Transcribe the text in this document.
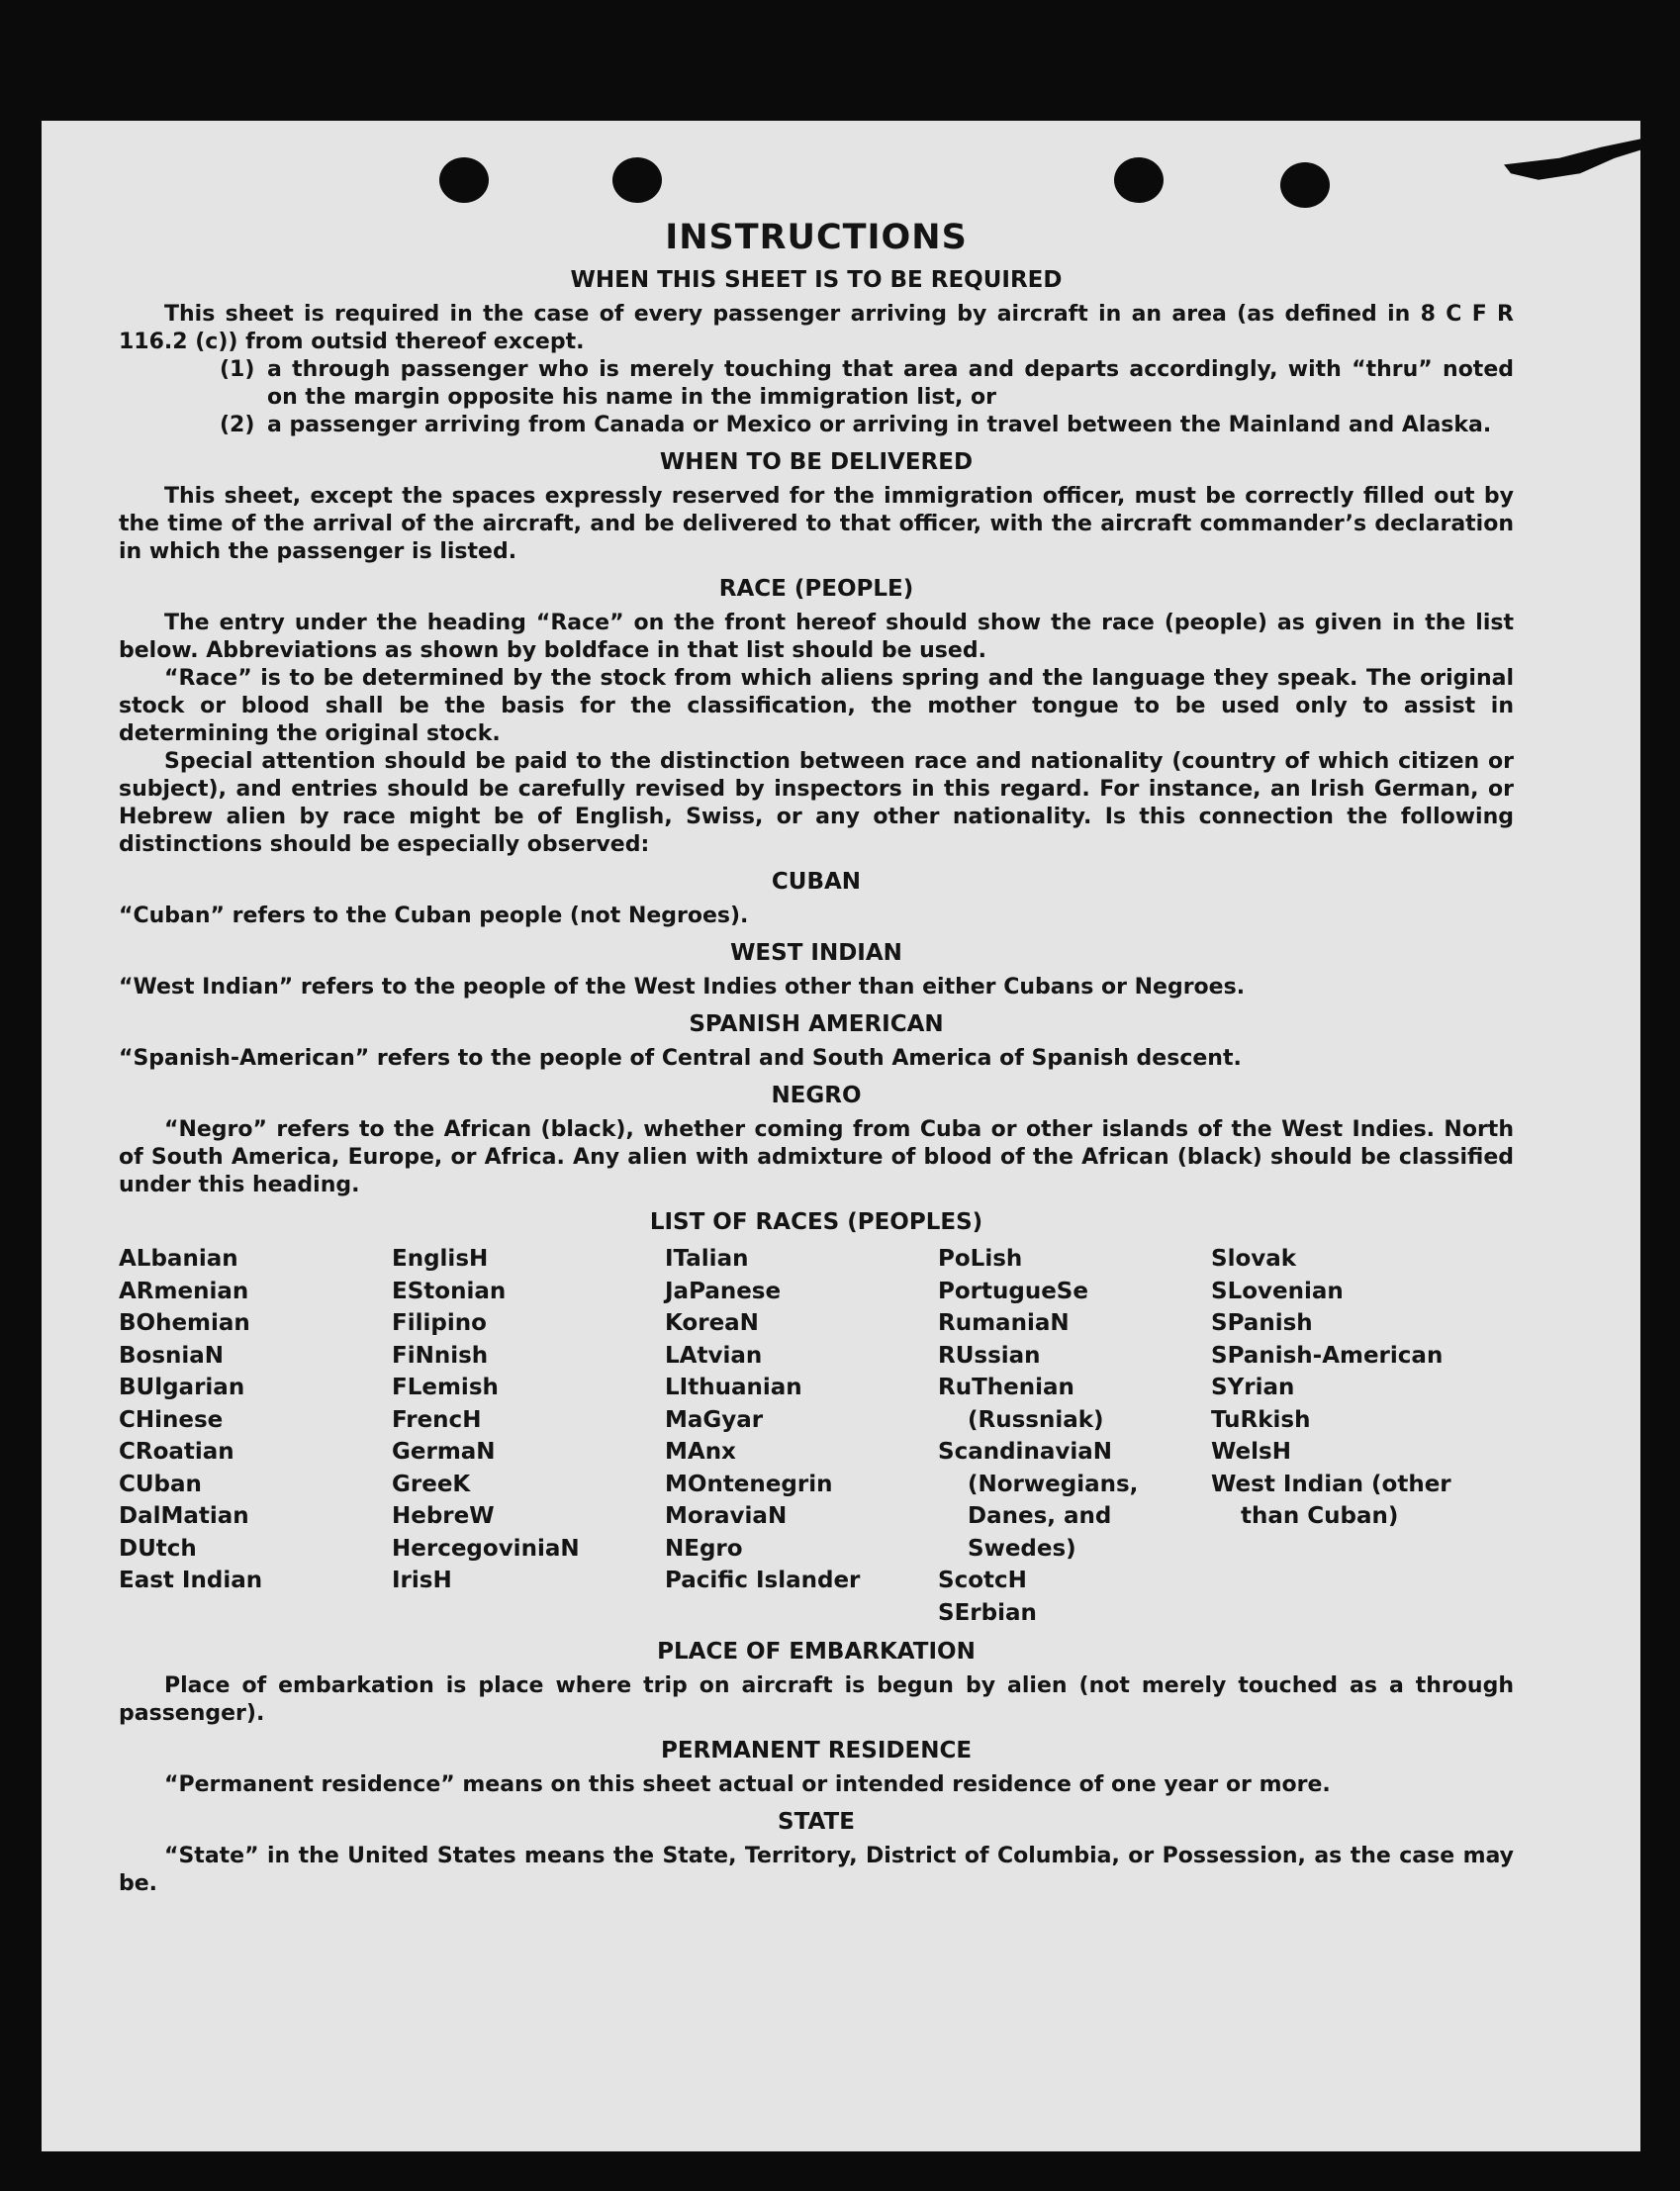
INSTRUCTIONS
WHEN THIS SHEET IS TO BE REQUIRED

This sheet is required in the case of every passenger arriving by aircraft in an area (as defined in 8 C F R 116.2 (c)) from outsid thereof except.

(1) a through passenger who is merely touching that area and departs accordingly, with “thru” noted on the margin opposite his name in the immigration list, or
(2) a passenger arriving from Canada or Mexico or arriving in travel between the Mainland and Alaska.
WHEN TO BE DELIVERED

This sheet, except the spaces expressly reserved for the immigration officer, must be correctly filled out by the time of the arrival of the aircraft, and be delivered to that officer, with the aircraft commander’s declaration in which the passenger is listed.

RACE (PEOPLE)

The entry under the heading “Race” on the front hereof should show the race (people) as given in the list below. Abbreviations as shown by boldface in that list should be used.

“Race” is to be determined by the stock from which aliens spring and the language they speak. The original stock or blood shall be the basis for the classification, the mother tongue to be used only to assist in determining the original stock.

Special attention should be paid to the distinction between race and nationality (country of which citizen or subject), and entries should be carefully revised by inspectors in this regard. For instance, an Irish German, or Hebrew alien by race might be of English, Swiss, or any other nationality. Is this connection the following distinctions should be especially observed:

CUBAN

“Cuban” refers to the Cuban people (not Negroes).

WEST INDIAN

“West Indian” refers to the people of the West Indies other than either Cubans or Negroes.

SPANISH AMERICAN

“Spanish-American” refers to the people of Central and South America of Spanish descent.

NEGRO

“Negro” refers to the African (black), whether coming from Cuba or other islands of the West Indies. North of South America, Europe, or Africa. Any alien with admixture of blood of the African (black) should be classified under this heading.

LIST OF RACES (PEOPLES)
ALbanian
ARmenian
BOhemian
BosniaN
BUlgarian
CHinese
CRoatian
CUban
DalMatian
DUtch
East Indian
EnglisH
EStonian
Filipino
FiNnish
FLemish
FrencH
GermaN
GreeK
HebreW
HercegoviniaN
IrisH
ITalian
JaPanese
KoreaN
LAtvian
LIthuanian
MaGyar
MAnx
MOntenegrin
MoraviaN
NEgro
Pacific Islander
PoLish
PortugueSe
RumaniaN
RUssian
RuThenian (Russniak)
ScandinaviaN (Norwegians, Danes, and Swedes)
ScotcH
SErbian
Slovak
SLovenian
SPanish
SPanish-American
SYrian
TuRkish
WelsH
West Indian (other than Cuban)
PLACE OF EMBARKATION

Place of embarkation is place where trip on aircraft is begun by alien (not merely touched as a through passenger).

PERMANENT RESIDENCE

“Permanent residence” means on this sheet actual or intended residence of one year or more.

STATE

“State” in the United States means the State, Territory, District of Columbia, or Possession, as the case may be.
